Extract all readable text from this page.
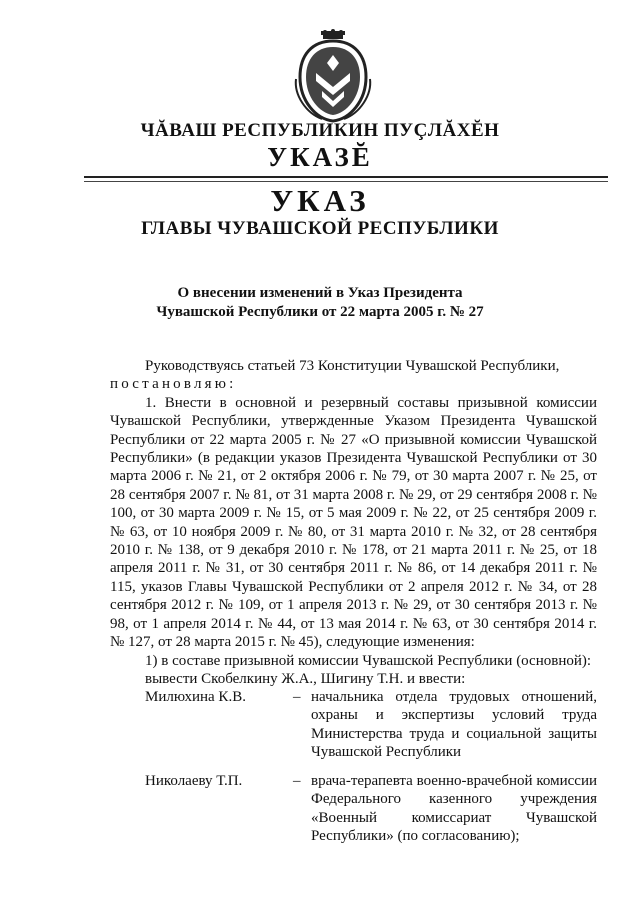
ЧĂВАШ РЕСПУБЛИКИН ПУÇЛĂХĔН
УКАЗĔ
УКАЗ
ГЛАВЫ ЧУВАШСКОЙ РЕСПУБЛИКИ
О внесении изменений в Указ Президента
Чувашской Республики от 22 марта 2005 г. № 27

Руководствуясь статьей 73 Конституции Чувашской Республики,

постановляю:

1. Внести в основной и резервный составы призывной комиссии Чувашской Республики, утвержденные Указом Президента Чувашской Республики от 22 марта 2005 г. № 27 «О призывной комиссии Чувашской Республики» (в редакции указов Президента Чувашской Республики от 30 марта 2006 г. № 21, от 2 октября 2006 г. № 79, от 30 марта 2007 г. № 25, от 28 сентября 2007 г. № 81, от 31 марта 2008 г. № 29, от 29 сентября 2008 г. № 100, от 30 марта 2009 г. № 15, от 5 мая 2009 г. № 22, от 25 сентября 2009 г. № 63, от 10 ноября 2009 г. № 80, от 31 марта 2010 г. № 32, от 28 сентября 2010 г. № 138, от 9 декабря 2010 г. № 178, от 21 марта 2011 г. № 25, от 18 апреля 2011 г. № 31, от 30 сентября 2011 г. № 86, от 14 декабря 2011 г. № 115, указов Главы Чувашской Республики от 2 апреля 2012 г. № 34, от 28 сентября 2012 г. № 109, от 1 апреля 2013 г. № 29, от 30 сентября 2013 г. № 98, от 1 апреля 2014 г. № 44, от 13 мая 2014 г. № 63, от 30 сентября 2014 г. № 127, от 28 марта 2015 г. № 45), следующие изменения:

1) в составе призывной комиссии Чувашской Республики (основной):

вывести Скобелкину Ж.А., Шигину Т.Н. и ввести:

Милюхина К.В.	– начальника отдела трудовых отношений, охраны и экспертизы условий труда Министерства труда и социальной защиты Чувашской Республики
Николаеву Т.П.	– врача-терапевта военно-врачебной комиссии Федерального казенного учреждения «Военный комиссариат Чувашской Республики» (по согласованию);
